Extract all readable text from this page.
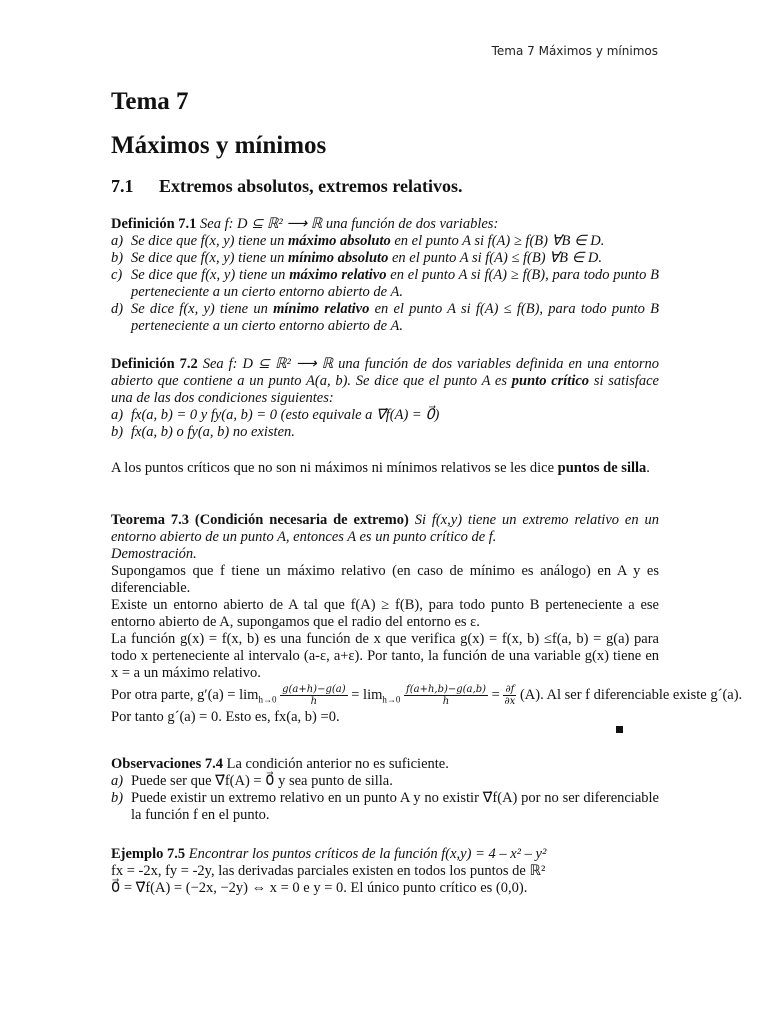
Tema 7 Máximos y mínimos
Tema 7
Máximos y mínimos
7.1 Extremos absolutos, extremos relativos.
Definición 7.1 Sea f: D ⊆ ℝ² ⟶ ℝ una función de dos variables:
a) Se dice que f(x, y) tiene un máximo absoluto en el punto A si f(A) ≥ f(B) ∀B ∈ D.
b) Se dice que f(x, y) tiene un mínimo absoluto en el punto A si f(A) ≤ f(B) ∀B ∈ D.
c) Se dice que f(x, y) tiene un máximo relativo en el punto A si f(A) ≥ f(B), para todo punto B perteneciente a un cierto entorno abierto de A.
d) Se dice f(x, y) tiene un mínimo relativo en el punto A si f(A) ≤ f(B), para todo punto B perteneciente a un cierto entorno abierto de A.
Definición 7.2 Sea f: D ⊆ ℝ² ⟶ ℝ una función de dos variables definida en una entorno abierto que contiene a un punto A(a, b). Se dice que el punto A es punto crítico si satisface una de las dos condiciones siguientes:
a) fx(a, b) = 0 y fy(a, b) = 0 (esto equivale a ∇⃗f(A) = 0⃗)
b) fx(a, b) o fy(a, b) no existen.
A los puntos críticos que no son ni máximos ni mínimos relativos se les dice puntos de silla.
Teorema 7.3 (Condición necesaria de extremo) Si f(x,y) tiene un extremo relativo en un entorno abierto de un punto A, entonces A es un punto crítico de f.
Demostración.
Supongamos que f tiene un máximo relativo (en caso de mínimo es análogo) en A y es diferenciable.
Existe un entorno abierto de A tal que f(A) ≥ f(B), para todo punto B perteneciente a ese entorno abierto de A, supongamos que el radio del entorno es ε.
La función g(x) = f(x, b) es una función de x que verifica g(x) = f(x, b) ≤f(a, b) = g(a) para todo x perteneciente al intervalo (a-ε, a+ε). Por tanto, la función de una variable g(x) tiene en x = a un máximo relativo.
Por otra parte, $g'(a) = \lim_{h\to 0} \frac{g(a+h)-g(a)}{h} = \lim_{h\to 0} \frac{f(a+h,b)-g(a,b)}{h} = \frac{\partial f}{\partial x} (A)$. Al ser f diferenciable existe g´(a).
Por tanto g´(a) = 0. Esto es, fx(a, b) =0.
Observaciones 7.4 La condición anterior no es suficiente.
a) Puede ser que ∇⃗f(A) = 0⃗ y sea punto de silla.
b) Puede existir un extremo relativo en un punto A y no existir ∇⃗f(A) por no ser diferenciable la función f en el punto.
Ejemplo 7.5 Encontrar los puntos críticos de la función f(x,y) = 4 – x² – y²
fx = -2x, fy = -2y, las derivadas parciales existen en todos los puntos de ℝ²
0⃗ = ∇⃗f(A) = (−2x, −2y) ⇔ x = 0 e y = 0. El único punto crítico es (0,0).
